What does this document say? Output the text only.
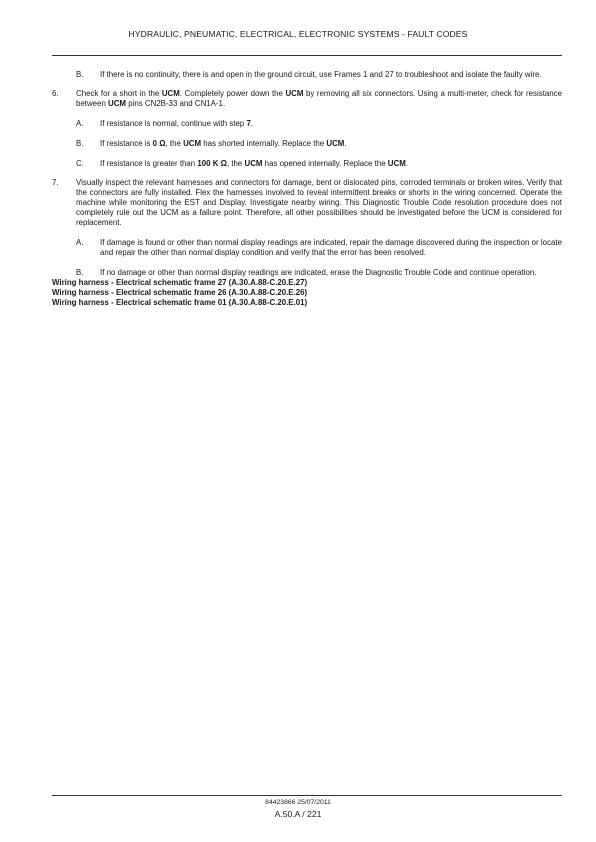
HYDRAULIC, PNEUMATIC, ELECTRICAL, ELECTRONIC SYSTEMS - FAULT CODES
B. If there is no continuity, there is and open in the ground circuit, use Frames 1 and 27 to troubleshoot and isolate the faulty wire.
6. Check for a short in the UCM. Completely power down the UCM by removing all six connectors. Using a multi-meter, check for resistance between UCM pins CN2B-33 and CN1A-1.
A. If resistance is normal, continue with step 7.
B. If resistance is 0 Ω, the UCM has shorted internally. Replace the UCM.
C. If resistance is greater than 100 K Ω, the UCM has opened internally. Replace the UCM.
7. Visually inspect the relevant harnesses and connectors for damage, bent or dislocated pins, corroded terminals or broken wires. Verify that the connectors are fully installed. Flex the harnesses involved to reveal intermittent breaks or shorts in the wiring concerned. Operate the machine while monitoring the EST and Display. Investigate nearby wiring. This Diagnostic Trouble Code resolution procedure does not completely rule out the UCM as a failure point. Therefore, all other possibilities should be investigated before the UCM is considered for replacement.
A. If damage is found or other than normal display readings are indicated, repair the damage discovered during the inspection or locate and repair the other than normal display condition and verify that the error has been resolved.
B. If no damage or other than normal display readings are indicated, erase the Diagnostic Trouble Code and continue operation.
Wiring harness - Electrical schematic frame 27 (A.30.A.88-C.20.E.27)
Wiring harness - Electrical schematic frame 26 (A.30.A.88-C.20.E.26)
Wiring harness - Electrical schematic frame 01 (A.30.A.88-C.20.E.01)
84423866 25/07/2011
A.50.A / 221
